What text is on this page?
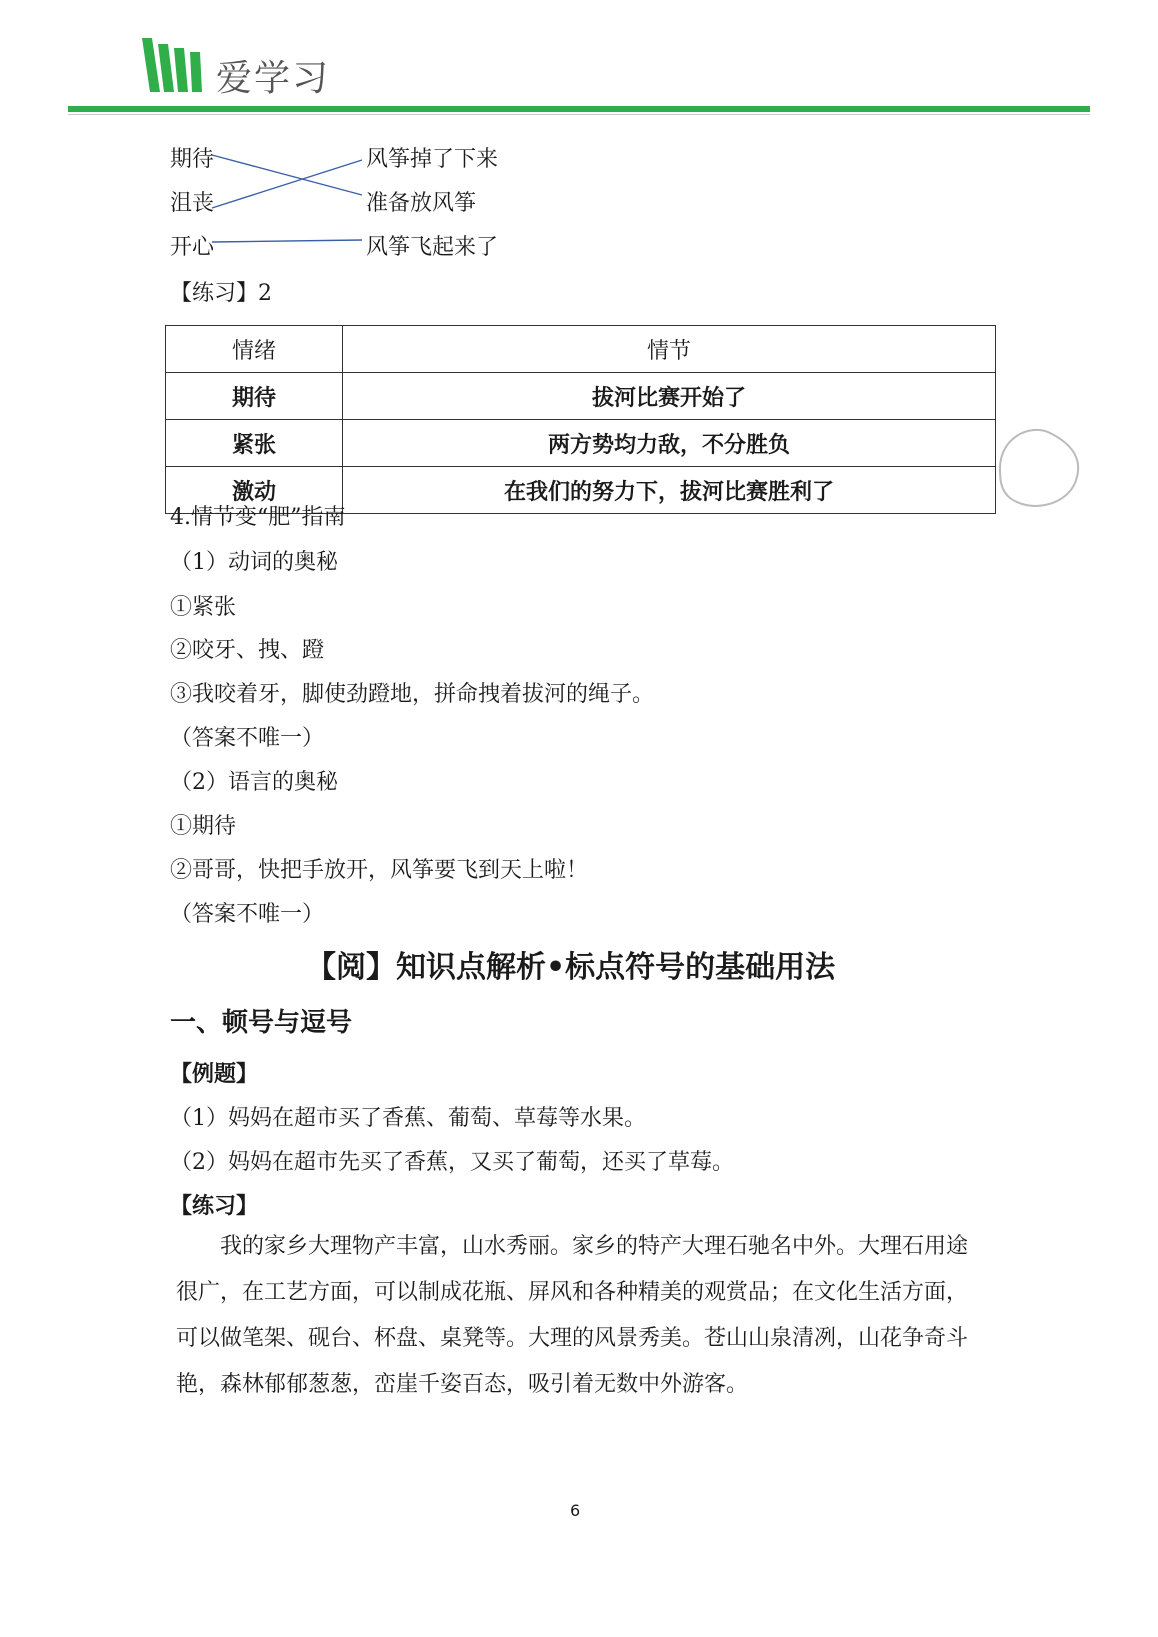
爱学习
期待
沮丧
开心
风筝掉了下来
准备放风筝
风筝飞起来了
【练习】2
情绪	情节
期待	拔河比赛开始了
紧张	两方势均力敌，不分胜负
激动	在我们的努力下，拔河比赛胜利了
4.情节变“肥”指南
（1）动词的奥秘
①紧张
②咬牙、拽、蹬
③我咬着牙，脚使劲蹬地，拼命拽着拔河的绳子。
（答案不唯一）
（2）语言的奥秘
①期待
②哥哥，快把手放开，风筝要飞到天上啦！
（答案不唯一）
【阅】知识点解析•标点符号的基础用法
一、顿号与逗号
【例题】
（1）妈妈在超市买了香蕉、葡萄、草莓等水果。
（2）妈妈在超市先买了香蕉，又买了葡萄，还买了草莓。
【练习】
我的家乡大理物产丰富，山水秀丽。家乡的特产大理石驰名中外。大理石用途很广，在工艺方面，可以制成花瓶、屏风和各种精美的观赏品；在文化生活方面，可以做笔架、砚台、杯盘、桌凳等。大理的风景秀美。苍山山泉清冽，山花争奇斗艳，森林郁郁葱葱，峦崖千姿百态，吸引着无数中外游客。
6
